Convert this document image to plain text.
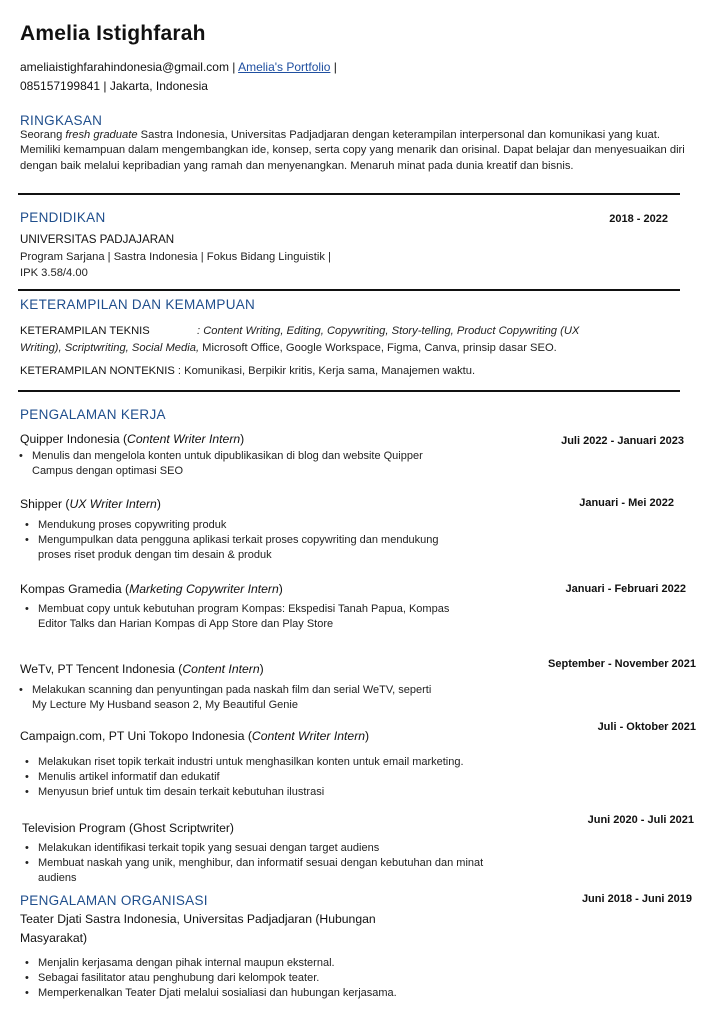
Amelia Istighfarah
ameliaistighfarahindonesia@gmail.com | Amelia's Portfolio |
085157199841 | Jakarta, Indonesia
RINGKASAN
Seorang fresh graduate Sastra Indonesia, Universitas Padjadjaran dengan keterampilan interpersonal dan komunikasi yang kuat. Memiliki kemampuan dalam mengembangkan ide, konsep, serta copy yang menarik dan orisinal. Dapat belajar dan menyesuaikan diri dengan baik melalui kepribadian yang ramah dan menyenangkan. Menaruh minat pada dunia kreatif dan bisnis.
PENDIDIKAN	2018 - 2022
UNIVERSITAS PADJAJARAN
Program Sarjana | Sastra Indonesia | Fokus Bidang Linguistik |
IPK 3.58/4.00
KETERAMPILAN DAN KEMAMPUAN
KETERAMPILAN TEKNIS	: Content Writing, Editing, Copywriting, Story-telling, Product Copywriting (UX
Writing), Scriptwriting, Social Media, Microsoft Office, Google Workspace, Figma, Canva, prinsip dasar SEO.
KETERAMPILAN NONTEKNIS : Komunikasi, Berpikir kritis, Kerja sama, Manajemen waktu.
PENGALAMAN KERJA
Quipper Indonesia (Content Writer Intern)	Juli 2022 - Januari 2023
• Menulis dan mengelola konten untuk dipublikasikan di blog dan website Quipper Campus dengan optimasi SEO
Shipper (UX Writer Intern)	Januari - Mei 2022
• Mendukung proses copywriting produk
• Mengumpulkan data pengguna aplikasi terkait proses copywriting dan mendukung proses riset produk dengan tim desain & produk
Kompas Gramedia (Marketing Copywriter Intern)	Januari - Februari 2022
• Membuat copy untuk kebutuhan program Kompas: Ekspedisi Tanah Papua, Kompas Editor Talks dan Harian Kompas di App Store dan Play Store
WeTv, PT Tencent Indonesia (Content Intern)	September - November 2021
• Melakukan scanning dan penyuntingan pada naskah film dan serial WeTV, seperti My Lecture My Husband season 2, My Beautiful Genie
Campaign.com, PT Uni Tokopo Indonesia (Content Writer Intern)
Juli - Oktober 2021
• Melakukan riset topik terkait industri untuk menghasilkan konten untuk email marketing.
• Menulis artikel informatif dan edukatif
• Menyusun brief untuk tim desain terkait kebutuhan ilustrasi
Television Program (Ghost Scriptwriter)
Juni 2020 - Juli 2021
• Melakukan identifikasi terkait topik yang sesuai dengan target audiens
• Membuat naskah yang unik, menghibur, dan informatif sesuai dengan kebutuhan dan minat audiens
PENGALAMAN ORGANISASI	Juni 2018 - Juni 2019
Teater Djati Sastra Indonesia, Universitas Padjadjaran (Hubungan
Masyarakat)
• Menjalin kerjasama dengan pihak internal maupun eksternal.
• Sebagai fasilitator atau penghubung dari kelompok teater.
• Memperkenalkan Teater Djati melalui sosialiasi dan hubungan kerjasama.
